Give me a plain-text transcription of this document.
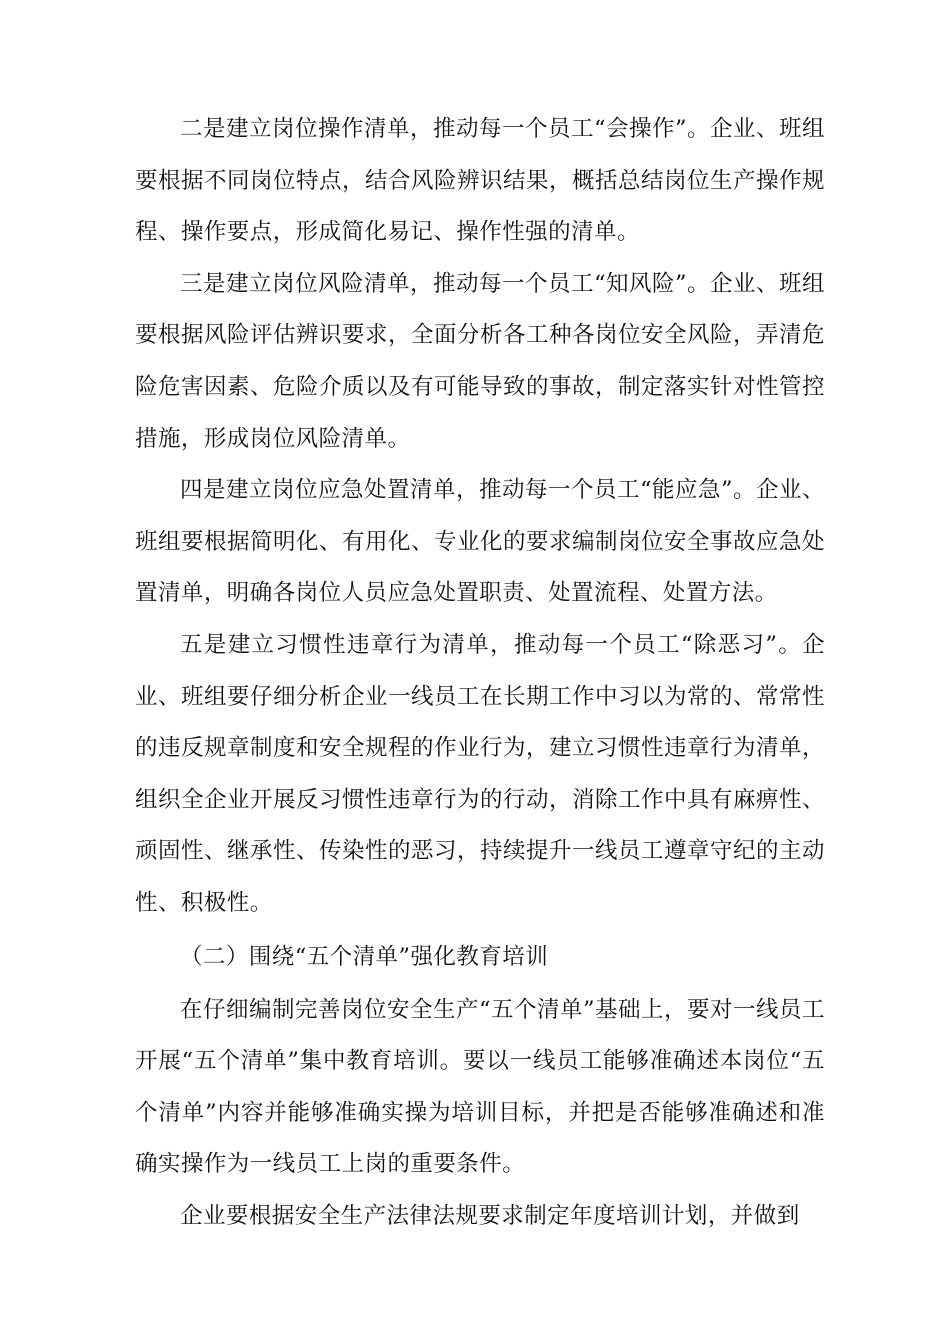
二是建立岗位操作清单，推动每一个员工“会操作”。企业、班组要根据不同岗位特点，结合风险辨识结果，概括总结岗位生产操作规程、操作要点，形成简化易记、操作性强的清单。

三是建立岗位风险清单，推动每一个员工“知风险”。企业、班组要根据风险评估辨识要求，全面分析各工种各岗位安全风险，弄清危险危害因素、危险介质以及有可能导致的事故，制定落实针对性管控措施，形成岗位风险清单。

四是建立岗位应急处置清单，推动每一个员工“能应急”。企业、班组要根据简明化、有用化、专业化的要求编制岗位安全事故应急处置清单，明确各岗位人员应急处置职责、处置流程、处置方法。

五是建立习惯性违章行为清单，推动每一个员工“除恶习”。企业、班组要仔细分析企业一线员工在长期工作中习以为常的、常常性的违反规章制度和安全规程的作业行为，建立习惯性违章行为清单，组织全企业开展反习惯性违章行为的行动，消除工作中具有麻痹性、顽固性、继承性、传染性的恶习，持续提升一线员工遵章守纪的主动性、积极性。

（二）围绕“五个清单”强化教育培训

在仔细编制完善岗位安全生产“五个清单”基础上，要对一线员工开展“五个清单”集中教育培训。要以一线员工能够准确述本岗位“五个清单”内容并能够准确实操为培训目标，并把是否能够准确述和准确实操作为一线员工上岗的重要条件。

企业要根据安全生产法律法规要求制定年度培训计划，并做到
